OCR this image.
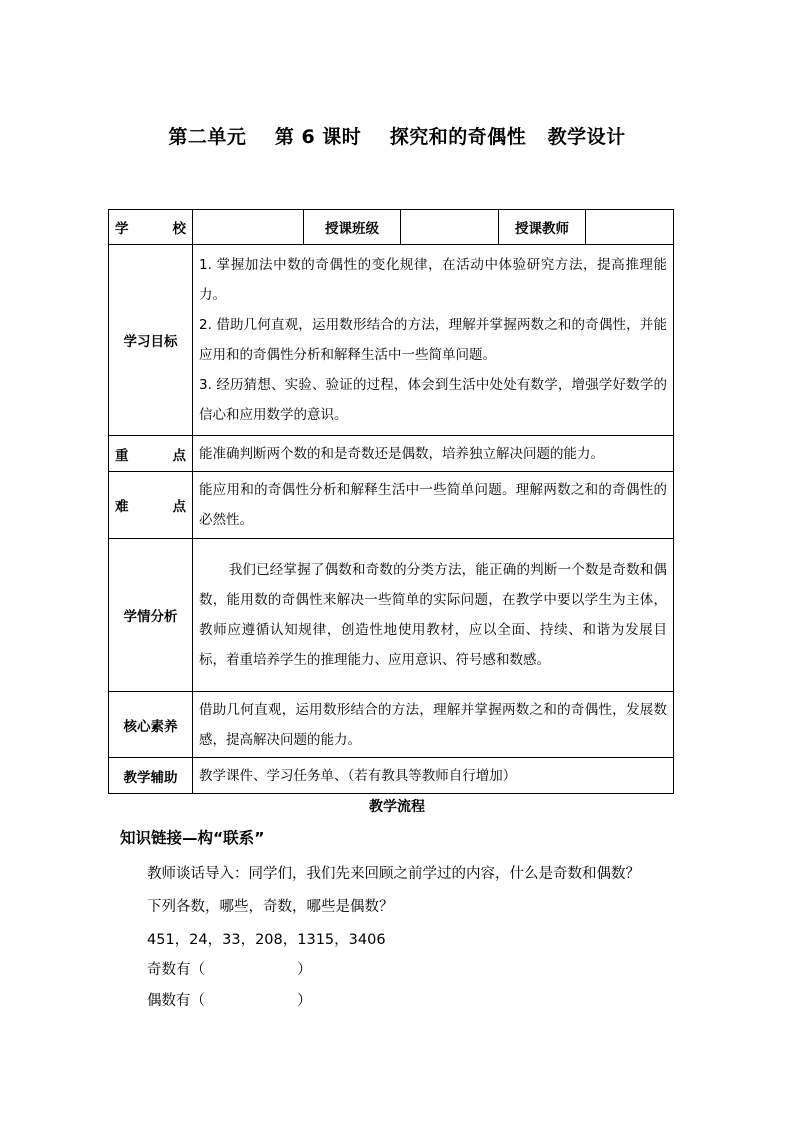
第二单元    第 6 课时    探究和的奇偶性   教学设计
学 校		授课班级		授课教师	
学习目标	1. 掌握加法中数的奇偶性的变化规律，在活动中体验研究方法，提高推理能力。

2. 借助几何直观，运用数形结合的方法，理解并掌握两数之和的奇偶性，并能应用和的奇偶性分析和解释生活中一些简单问题。

3. 经历猜想、实验、验证的过程，体会到生活中处处有数学，增强学好数学的信心和应用数学的意识。				

重 点	能准确判断两个数的和是奇数还是偶数，培养独立解决问题的能力。				
难 点	能应用和的奇偶性分析和解释生活中一些简单问题。理解两数之和的奇偶性的必然性。				
学情分析	我们已经掌握了偶数和奇数的分类方法，能正确的判断一个数是奇数和偶数，能用数的奇偶性来解决一些简单的实际问题，在教学中要以学生为主体，教师应遵循认知规律，创造性地使用教材，应以全面、持续、和谐为发展目标，着重培养学生的推理能力、应用意识、符号感和数感。				
核心素养	借助几何直观，运用数形结合的方法，理解并掌握两数之和的奇偶性，发展数感，提高解决问题的能力。				
教学辅助	教学课件、学习任务单、（若有教具等教师自行增加）				
教学流程
知识链接—构“联系”
教师谈话导入：同学们，我们先来回顾之前学过的内容，什么是奇数和偶数？
下列各数，哪些，奇数，哪些是偶数？
451，24，33，208，1315，3406
奇数有（                    ）
偶数有（                    ）
